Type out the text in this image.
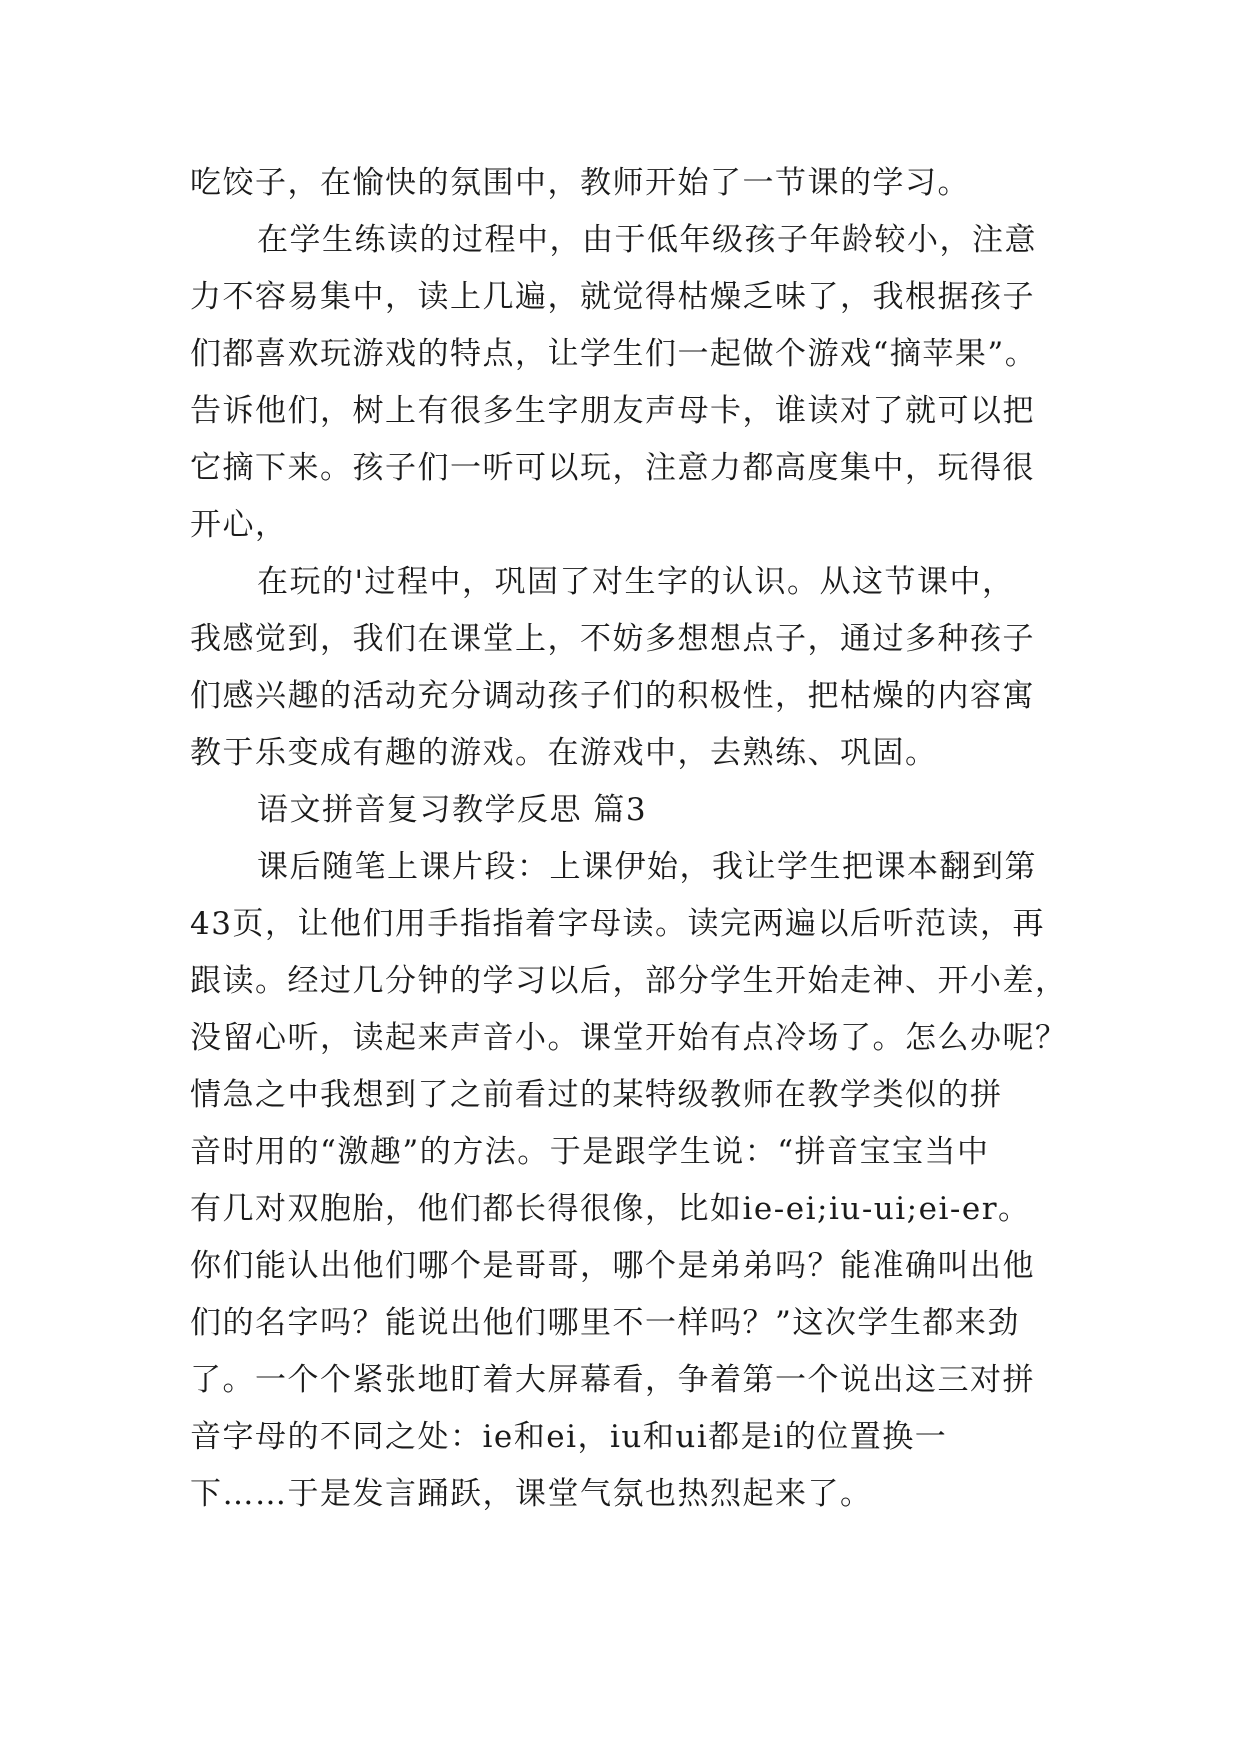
吃饺子，在愉快的氛围中，教师开始了一节课的学习。
在学生练读的过程中，由于低年级孩子年龄较小，注意
力不容易集中，读上几遍，就觉得枯燥乏味了，我根据孩子
们都喜欢玩游戏的特点，让学生们一起做个游戏“摘苹果”。
告诉他们，树上有很多生字朋友声母卡，谁读对了就可以把
它摘下来。孩子们一听可以玩，注意力都高度集中，玩得很
开心，
在玩的'过程中，巩固了对生字的认识。从这节课中，
我感觉到，我们在课堂上，不妨多想想点子，通过多种孩子
们感兴趣的活动充分调动孩子们的积极性，把枯燥的内容寓
教于乐变成有趣的游戏。在游戏中，去熟练、巩固。
语文拼音复习教学反思 篇3
课后随笔上课片段：上课伊始，我让学生把课本翻到第
43页，让他们用手指指着字母读。读完两遍以后听范读，再
跟读。经过几分钟的学习以后，部分学生开始走神、开小差，
没留心听，读起来声音小。课堂开始有点冷场了。怎么办呢？
情急之中我想到了之前看过的某特级教师在教学类似的拼
音时用的“激趣”的方法。于是跟学生说：“拼音宝宝当中
有几对双胞胎，他们都长得很像，比如ie-ei;iu-ui;ei-er。
你们能认出他们哪个是哥哥，哪个是弟弟吗？能准确叫出他
们的名字吗？能说出他们哪里不一样吗？”这次学生都来劲
了。一个个紧张地盯着大屏幕看，争着第一个说出这三对拼
音字母的不同之处：ie和ei，iu和ui都是i的位置换一
下……于是发言踊跃，课堂气氛也热烈起来了。
